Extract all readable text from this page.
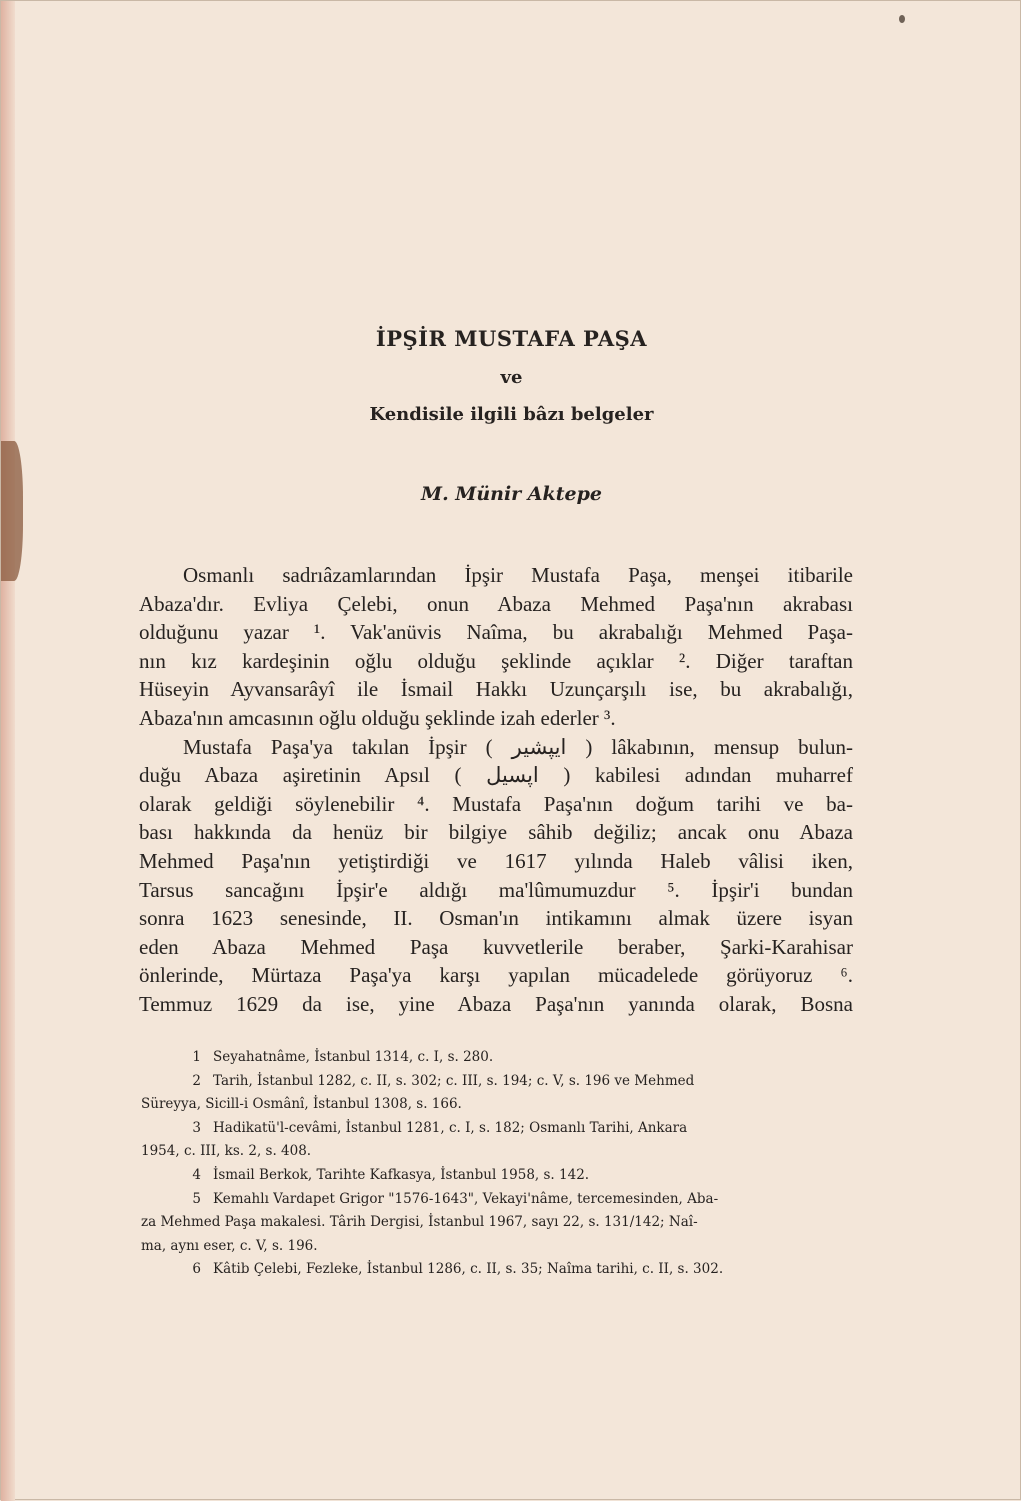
İPŞİR MUSTAFA PAŞA
ve
Kendisile ilgili bâzı belgeler
M. Münir Aktepe
Osmanlı sadrıâzamlarından İpşir Mustafa Paşa, menşei itibarile
Abaza'dır. Evliya Çelebi, onun Abaza Mehmed Paşa'nın akrabası
olduğunu yazar ¹. Vak'anüvis Naîma, bu akrabalığı Mehmed Paşa-
nın kız kardeşinin oğlu olduğu şeklinde açıklar ². Diğer taraftan
Hüseyin Ayvansarâyî ile İsmail Hakkı Uzunçarşılı ise, bu akrabalığı,
Abaza'nın amcasının oğlu olduğu şeklinde izah ederler ³.
Mustafa Paşa'ya takılan İpşir ( ایپشیر ) lâkabının, mensup bulun-
duğu Abaza aşiretinin Apsıl ( اپسیل ) kabilesi adından muharref
olarak geldiği söylenebilir ⁴. Mustafa Paşa'nın doğum tarihi ve ba-
bası hakkında da henüz bir bilgiye sâhib değiliz; ancak onu Abaza
Mehmed Paşa'nın yetiştirdiği ve 1617 yılında Haleb vâlisi iken,
Tarsus sancağını İpşir'e aldığı ma'lûmumuzdur ⁵. İpşir'i bundan
sonra 1623 senesinde, II. Osman'ın intikamını almak üzere isyan
eden Abaza Mehmed Paşa kuvvetlerile beraber, Şarki-Karahisar
önlerinde, Mürtaza Paşa'ya karşı yapılan mücadelede görüyoruz ⁶.
Temmuz 1629 da ise, yine Abaza Paşa'nın yanında olarak, Bosna
1 Seyahatnâme, İstanbul 1314, c. I, s. 280.
2 Tarih, İstanbul 1282, c. II, s. 302; c. III, s. 194; c. V, s. 196 ve Mehmed
Süreyya, Sicill-i Osmânî, İstanbul 1308, s. 166.
3 Hadikatü'l-cevâmi, İstanbul 1281, c. I, s. 182; Osmanlı Tarihi, Ankara
1954, c. III, ks. 2, s. 408.
4 İsmail Berkok, Tarihte Kafkasya, İstanbul 1958, s. 142.
5 Kemahlı Vardapet Grigor "1576-1643", Vekayi'nâme, tercemesinden, Aba-
za Mehmed Paşa makalesi. Târih Dergisi, İstanbul 1967, sayı 22, s. 131/142; Naî-
ma, aynı eser, c. V, s. 196.
6 Kâtib Çelebi, Fezleke, İstanbul 1286, c. II, s. 35; Naîma tarihi, c. II, s. 302.
